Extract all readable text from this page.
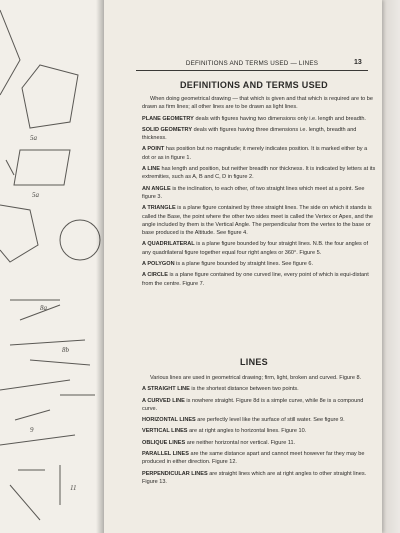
5a
5a
8a
8b
9
11
DEFINITIONS AND TERMS USED — LINES	13
DEFINITIONS AND TERMS USED

When doing geometrical drawing — that which is given and that which is required are to be drawn as firm lines; all other lines are to be drawn as light lines.

PLANE GEOMETRY deals with figures having two dimensions only i.e. length and breadth.

SOLID GEOMETRY deals with figures having three dimensions i.e. length, breadth and thickness.

A POINT has position but no magnitude; it merely indicates position. It is marked either by a dot or as in figure 1.

A LINE has length and position, but neither breadth nor thickness. It is indicated by letters at its extremities, such as A, B and C, D in figure 2.

AN ANGLE is the inclination, to each other, of two straight lines which meet at a point. See figure 3.

A TRIANGLE is a plane figure contained by three straight lines. The side on which it stands is called the Base, the point where the other two sides meet is called the Vertex or Apex, and the angle included by them is the Vertical Angle. The perpendicular from the vertex to the base or base produced is the Altitude. See figure 4.

A QUADRILATERAL is a plane figure bounded by four straight lines. N.B. the four angles of any quadrilateral figure together equal four right angles or 360°. Figure 5.

A POLYGON is a plane figure bounded by straight lines. See figure 6.

A CIRCLE is a plane figure contained by one curved line, every point of which is equi-distant from the centre. Figure 7.

LINES

Various lines are used in geometrical drawing; firm, light, broken and curved. Figure 8.

A STRAIGHT LINE is the shortest distance between two points.

A CURVED LINE is nowhere straight. Figure 8d is a simple curve, while 8e is a compound curve.

HORIZONTAL LINES are perfectly level like the surface of still water. See figure 9.

VERTICAL LINES are at right angles to horizontal lines. Figure 10.

OBLIQUE LINES are neither horizontal nor vertical. Figure 11.

PARALLEL LINES are the same distance apart and cannot meet however far they may be produced in either direction. Figure 12.

PERPENDICULAR LINES are straight lines which are at right angles to other straight lines. Figure 13.
